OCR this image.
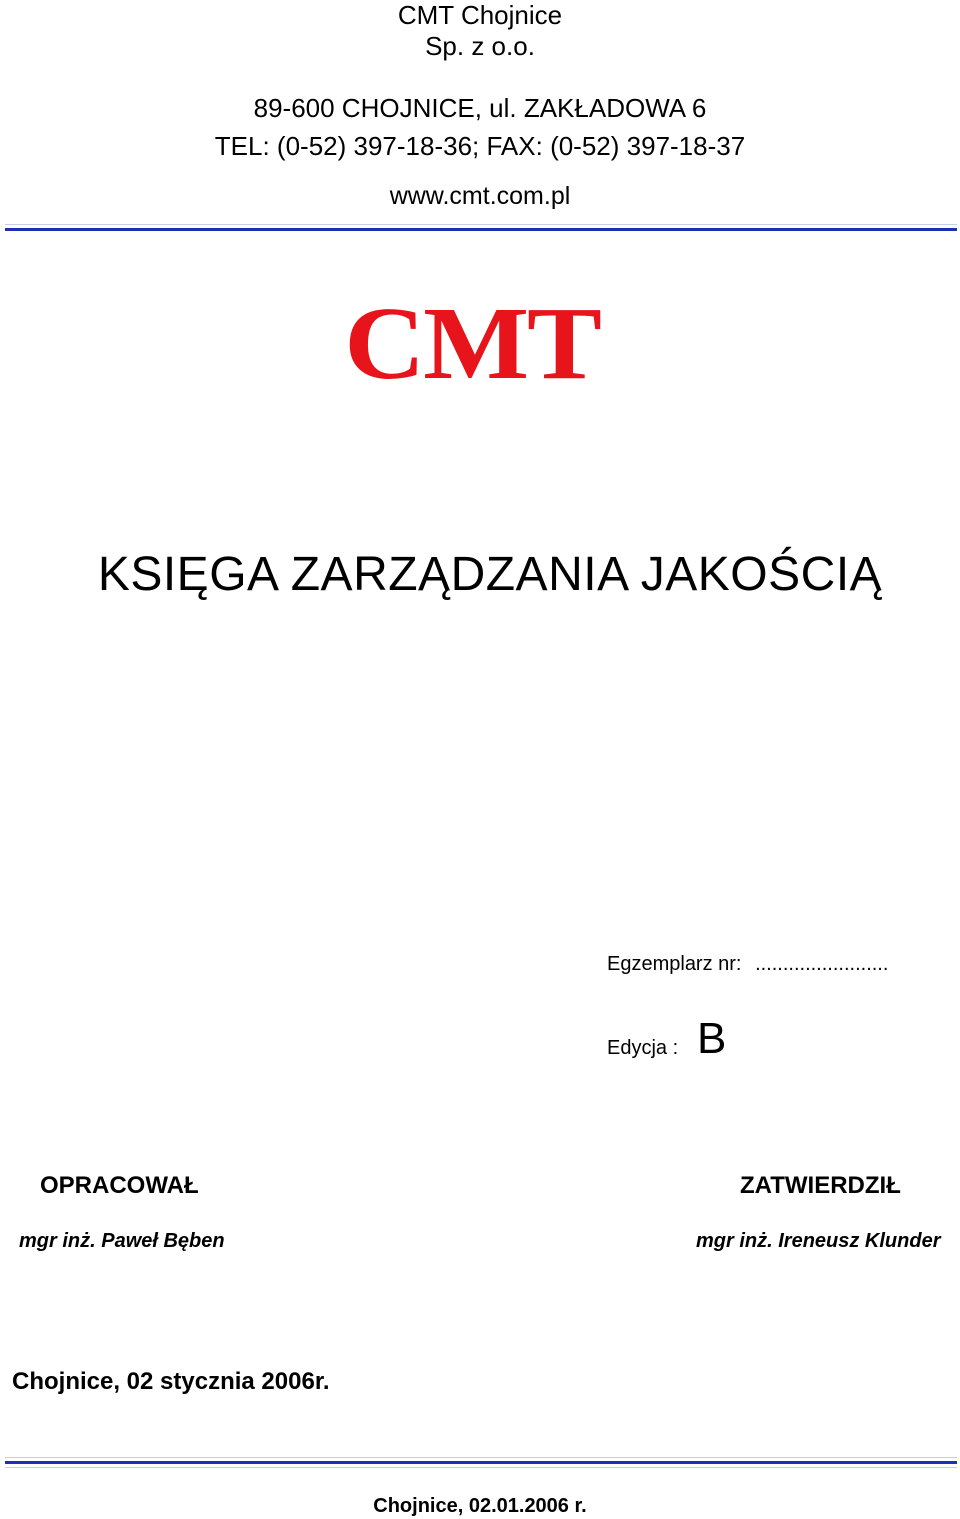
CMT Chojnice
Sp. z o.o.
89-600 CHOJNICE, ul. ZAKŁADOWA 6
TEL: (0-52) 397-18-36; FAX: (0-52) 397-18-37
www.cmt.com.pl
CMT
KSIĘGA ZARZĄDZANIA JAKOŚCIĄ
Egzemplarz nr: ........................
Edycja : B
OPRACOWAŁ
mgr inż. Paweł Bęben
ZATWIERDZIŁ
mgr inż. Ireneusz Klunder
Chojnice, 02 stycznia 2006r.
Chojnice, 02.01.2006 r.
